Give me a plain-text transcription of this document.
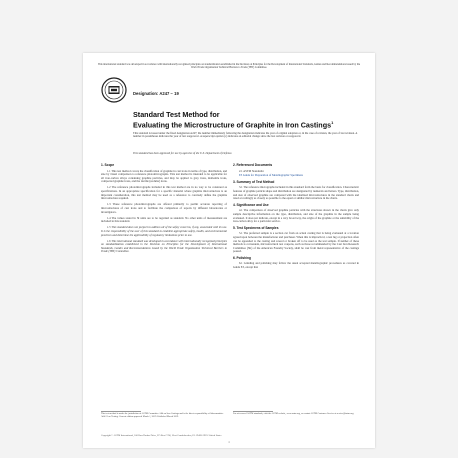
This international standard was developed in accordance with internationally recognized principles on standardization established in the Decision on Principles for the Development of International Standards, Guides and Recommendations issued by the World Trade Organization Technical Barriers to Trade (TBT) Committee.
Designation: A247 − 19
Standard Test Method for
Evaluating the Microstructure of Graphite in Iron Castings$^1$
This standard is issued under the fixed designation A247; the number immediately following the designation indicates the year of original adoption or, in the case of revision, the year of last revision. A number in parentheses indicates the year of last reapproval. A superscript epsilon (ε) indicates an editorial change since the last revision or reapproval.
This standard has been approved for use by agencies of the U.S. Department of Defense.
1. Scope

1.1 This test method covers the classification of graphite in cast irons in terms of type, distribution, and size by visual comparison to reference photomicrographs. This test method is intended to be applicable for all iron-carbon alloys containing graphite particles, and may be applied to gray irons, malleable irons, compacted graphite irons, and the ductile (nodular) irons.

1.2 The reference photomicrographs included in this test method are in no way to be construed as specifications. In an appropriate specification for a specific material where graphite microstructure is an important consideration, this test method may be used as a reference to concisely define the graphite microstructure required.

1.3 These reference photomicrographs are offered primarily to permit accurate reporting of microstructures of cast irons and to facilitate the comparison of reports by different laboratories or investigators.

1.4 The values stated in SI units are to be regarded as standard. No other units of measurement are included in this standard.

1.5 This standard does not purport to address all of the safety concerns, if any, associated with its use. It is the responsibility of the user of this standard to establish appropriate safety, health, and environmental practices and determine the applicability of regulatory limitations prior to use.

1.6 This international standard was developed in accordance with internationally recognized principles on standardization established in the Decision on Principles for the Development of International Standards, Guides and Recommendations issued by the World Trade Organization Technical Barriers to Trade (TBT) Committee.

2. Referenced Documents
2.1 ASTM Standards:
E3 Guide for Preparation of Metallographic Specimens
3. Summary of Test Method

3.1 The reference micrographs included in this standard form the basis for classification. Characteristic features of graphite particle shape and distribution are designated by numerals and letters. Type, distribution, and size of observed graphite are compared with the idealized microstructures in the standard charts and rated accordingly as closely as possible to the equal or similar microstructure in the charts.

4. Significance and Use

4.1 The comparison of observed graphite particles with the structures shown in the charts give only sample descriptive information on the type, distribution, and size of the graphite in the sample being evaluated. It does not indicate, except in a very broad way, the origin of the graphite or the suitability of the iron-carbon alloy for a particular service.

5. Test Specimens of Samples

5.1 The preferred sample is a section cut from an actual casting that is being evaluated at a location agreed upon between the manufacturer and purchaser. When this is impractical, a test lug or projection often can be appended to the casting and sawed or broken off to be used as the test sample. If neither of these methods is convenient, microstructural test coupons, such as those recommended by the Cast Iron Research Committee (5K) of the American Foundry Society, shall be cast from metal representative of the castings poured.

6. Polishing

6.1 Grinding and polishing may follow the usual accepted metallographic procedures as covered in Guide E3, except that

This test method is under the jurisdiction of ASTM Committee A04 on Iron Castings and is the direct responsibility of Subcommittee A04.21 on Testing. Current edition approved March 1, 2019. Published March 2019.
For referenced ASTM standards, visit the ASTM website, www.astm.org, or contact ASTM Customer Service at service@astm.org.
Copyright © ASTM International, 100 Barr Harbor Drive, PO Box C700, West Conshohocken, PA 19428-2959. United States
1
